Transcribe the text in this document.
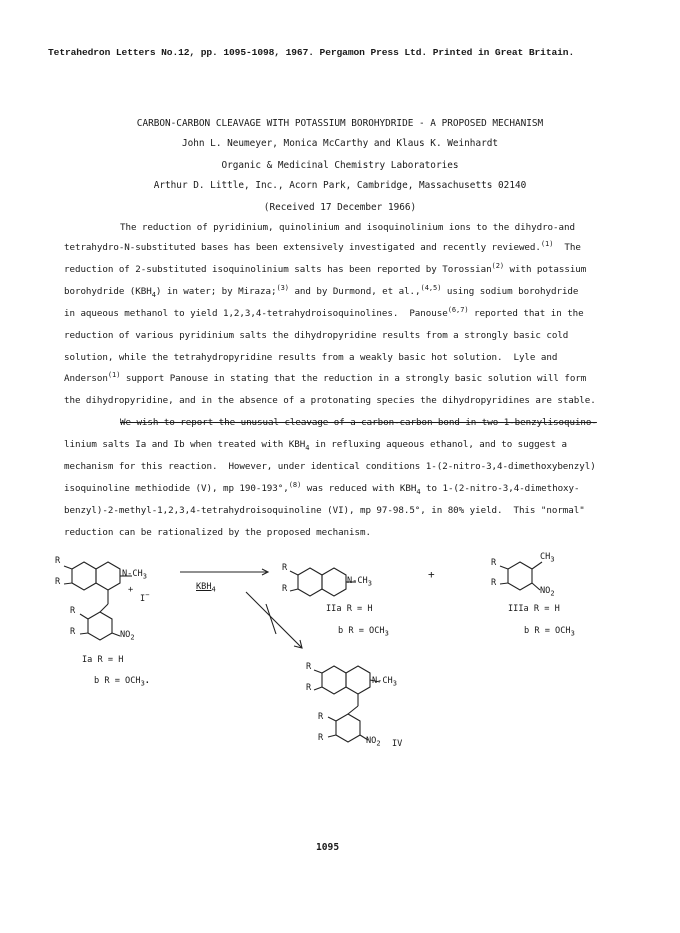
Tetrahedron Letters No.12, pp. 1095-1098, 1967. Pergamon Press Ltd. Printed in Great Britain.
CARBON-CARBON CLEAVAGE WITH POTASSIUM BOROHYDRIDE - A PROPOSED MECHANISM
John L. Neumeyer, Monica McCarthy and Klaus K. Weinhardt
Organic & Medicinal Chemistry Laboratories
Arthur D. Little, Inc., Acorn Park, Cambridge, Massachusetts 02140
(Received 17 December 1966)
The reduction of pyridinium, quinolinium and isoquinolinium ions to the dihydro-and
tetrahydro-N-substituted bases has been extensively investigated and recently reviewed.$^{(1)}$  The
reduction of 2-substituted isoquinolinium salts has been reported by Torossian$^{(2)}$ with potassium
borohydride $(KBH_4)$ in water; by Miraza;$^{(3)}$ and by Durmond, et al.,$^{(4,5)}$ using sodium borohydride
in aqueous methanol to yield 1,2,3,4-tetrahydroisoquinolines.  Panouse$^{(6,7)}$ reported that in the
reduction of various pyridinium salts the dihydropyridine results from a strongly basic cold
solution, while the tetrahydropyridine results from a weakly basic hot solution.  Lyle and
Anderson$^{(1)}$ support Panouse in stating that the reduction in a strongly basic solution will form
the dihydropyridine, and in the absence of a protonating species the dihydropyridines are stable.
We wish to report the unusual cleavage of a carbon-carbon bond in two 1-benzylisoquino-
linium salts Ia and Ib when treated with $KBH_4$ in refluxing aqueous ethanol, and to suggest a
mechanism for this reaction.  However, under identical conditions 1-(2-nitro-3,4-dimethoxybenzyl)
isoquinoline methiodide (V), mp 190-193°,$^{(8)}$ was reduced with $KBH_4$ to 1-(2-nitro-3,4-dimethoxy-
benzyl)-2-methyl-1,2,3,4-tetrahydroisoquinoline (VI), mp 97-98.5°, in 80% yield.  This "normal"
reduction can be rationalized by the proposed mechanism.
R
R
$N-CH_3$
+
I−
R
R	$NO_2$
Ia R = H
b $R = OCH_3$.
$KBH_4$
R
R
$N-CH_3$
IIa R = H
b $R = OCH_3$
+
$CH_3$
R
R
$NO_2$
IIIa R = H
b $R = OCH_3$
R
R
$N-CH_3$
R
R	$NO_2$ IV
1095
